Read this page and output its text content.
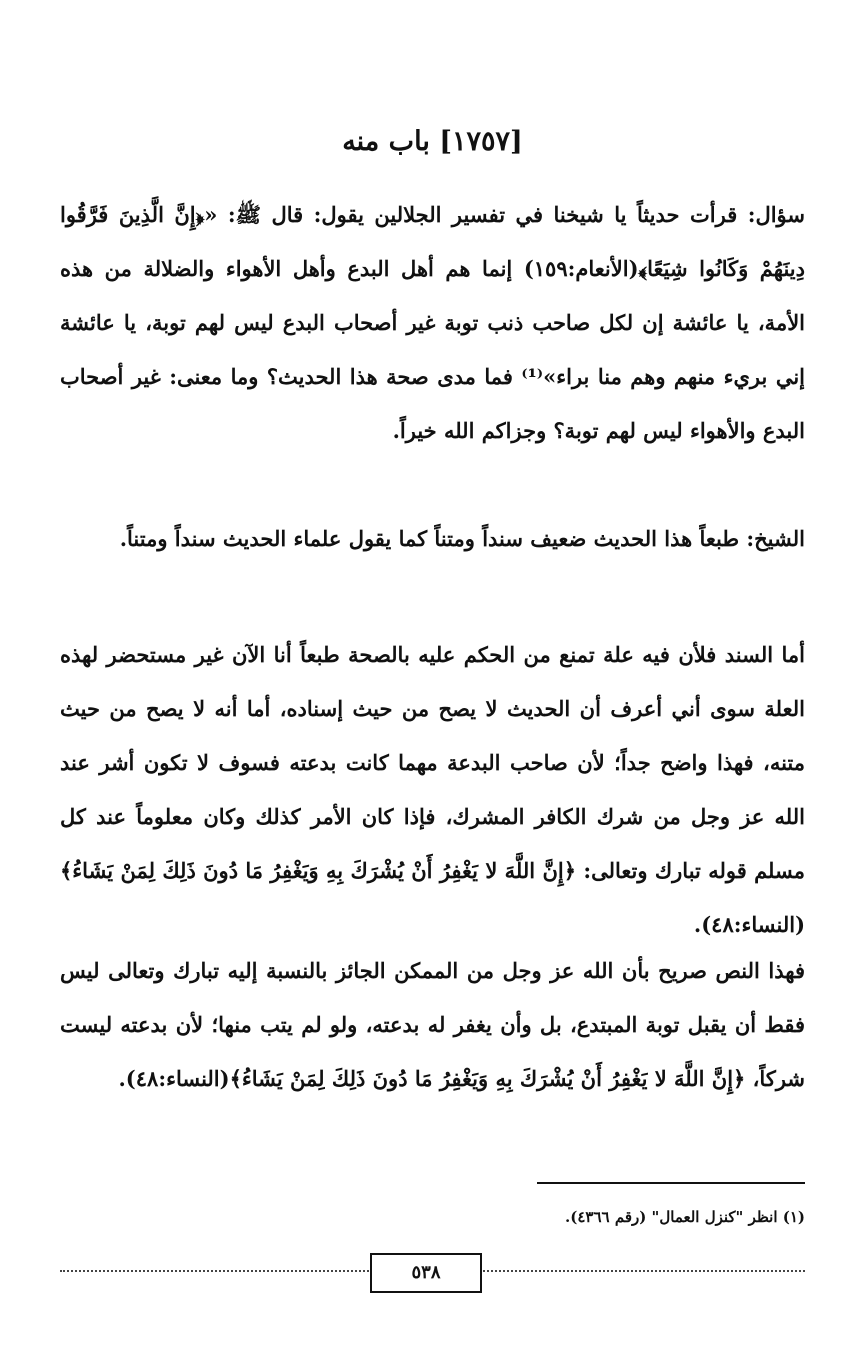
[١٧٥٧] باب منه

سؤال: قرأت حديثاً يا شيخنا في تفسير الجلالين يقول: قال ﷺ: «﴿إِنَّ الَّذِينَ فَرَّقُوا دِينَهُمْ وَكَانُوا شِيَعًا﴾(الأنعام:١٥٩) إنما هم أهل البدع وأهل الأهواء والضلالة من هذه الأمة، يا عائشة إن لكل صاحب ذنب توبة غير أصحاب البدع ليس لهم توبة، يا عائشة إني بريء منهم وهم منا براء»⁽¹⁾ فما مدى صحة هذا الحديث؟ وما معنى: غير أصحاب البدع والأهواء ليس لهم توبة؟ وجزاكم الله خيراً.

الشيخ: طبعاً هذا الحديث ضعيف سنداً ومتناً كما يقول علماء الحديث سنداً ومتناً.

أما السند فلأن فيه علة تمنع من الحكم عليه بالصحة طبعاً أنا الآن غير مستحضر لهذه العلة سوى أني أعرف أن الحديث لا يصح من حيث إسناده، أما أنه لا يصح من حيث متنه، فهذا واضح جداً؛ لأن صاحب البدعة مهما كانت بدعته فسوف لا تكون أشر عند الله عز وجل من شرك الكافر المشرك، فإذا كان الأمر كذلك وكان معلوماً عند كل مسلم قوله تبارك وتعالى: ﴿إِنَّ اللَّهَ لا يَغْفِرُ أَنْ يُشْرَكَ بِهِ وَيَغْفِرُ مَا دُونَ ذَلِكَ لِمَنْ يَشَاءُ﴾(النساء:٤٨).

فهذا النص صريح بأن الله عز وجل من الممكن الجائز بالنسبة إليه تبارك وتعالى ليس فقط أن يقبل توبة المبتدع، بل وأن يغفر له بدعته، ولو لم يتب منها؛ لأن بدعته ليست شركاً، ﴿إِنَّ اللَّهَ لا يَغْفِرُ أَنْ يُشْرَكَ بِهِ وَيَغْفِرُ مَا دُونَ ذَلِكَ لِمَنْ يَشَاءُ﴾(النساء:٤٨).

(١) انظر "كنزل العمال" (رقم ٤٣٦٦).

٥٣٨
